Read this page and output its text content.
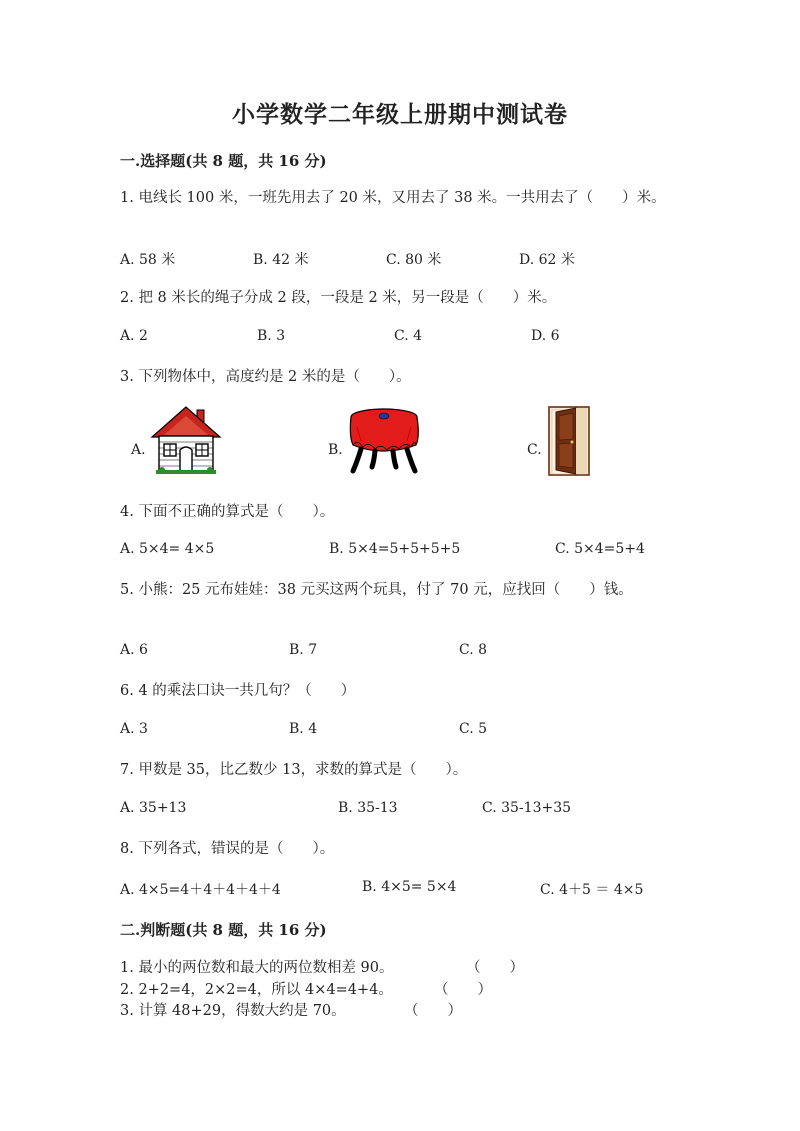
小学数学二年级上册期中测试卷
一.选择题(共 8 题，共 16 分)
1. 电线长 100 米，一班先用去了 20 米，又用去了 38 米。一共用去了（　　）米。
A. 58 米	B. 42 米	C. 80 米	D. 62 米
2. 把 8 米长的绳子分成 2 段，一段是 2 米，另一段是（　　）米。
A. 2	B. 3	C. 4	D. 6
3. 下列物体中，高度约是 2 米的是（　　）。
A.	B.	C.
4. 下面不正确的算式是（　　）。
A. 5×4= 4×5	B. 5×4=5+5+5+5	C. 5×4=5+4
5. 小熊：25 元布娃娃：38 元买这两个玩具，付了 70 元，应找回（　　）钱。
A. 6	B. 7	C. 8
6. 4 的乘法口诀一共几句？（　　）
A. 3	B. 4	C. 5
7. 甲数是 35，比乙数少 13，求数的算式是（　　）。
A. 35+13	B. 35-13	C. 35-13+35
8. 下列各式，错误的是（　　）。
A. 4×5=4＋4＋4＋4＋4	B. 4×5= 5×4	C. 4＋5 ＝ 4×5
二.判断题(共 8 题，共 16 分)
1. 最小的两位数和最大的两位数相差 90。	（　　）
2. 2+2=4，2×2=4，所以 4×4=4+4。	（　　）
3. 计算 48+29，得数大约是 70。	（　　）
